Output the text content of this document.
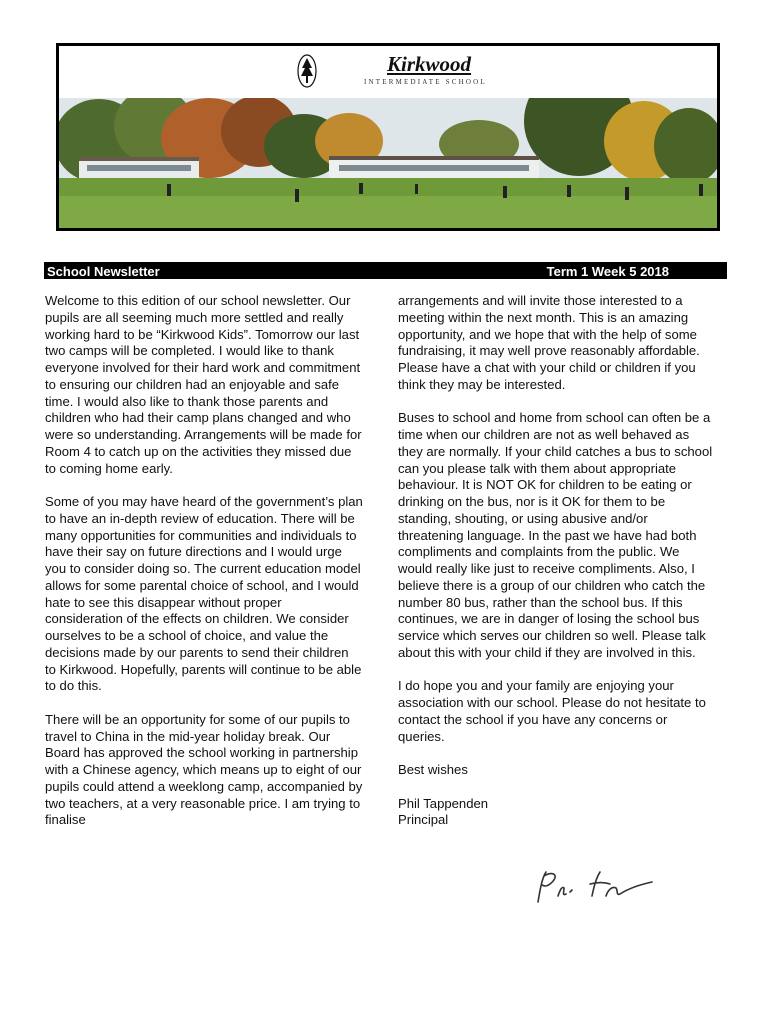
Kirkwood
INTERMEDIATE SCHOOL
School Newsletter	Term 1 Week 5 2018

Welcome to this edition of our school newsletter. Our pupils are all seeming much more settled and really working hard to be “Kirkwood Kids”. Tomorrow our last two camps will be completed. I would like to thank everyone involved for their hard work and commitment to ensuring our children had an enjoyable and safe time. I would also like to thank those parents and children who had their camp plans changed and who were so understanding. Arrangements will be made for Room 4 to catch up on the activities they missed due to coming home early.

Some of you may have heard of the government’s plan to have an in-depth review of education. There will be many opportunities for communities and individuals to have their say on future directions and I would urge you to consider doing so. The current education model allows for some parental choice of school, and I would hate to see this disappear without proper consideration of the effects on children. We consider ourselves to be a school of choice, and value the decisions made by our parents to send their children to Kirkwood. Hopefully, parents will continue to be able to do this.

There will be an opportunity for some of our pupils to travel to China in the mid-year holiday break. Our Board has approved the school working in partnership with a Chinese agency, which means up to eight of our pupils could attend a weeklong camp, accompanied by two teachers, at a very reasonable price. I am trying to finalise

arrangements and will invite those interested to a meeting within the next month. This is an amazing opportunity, and we hope that with the help of some fundraising, it may well prove reasonably affordable. Please have a chat with your child or children if you think they may be interested.

Buses to school and home from school can often be a time when our children are not as well behaved as they are normally. If your child catches a bus to school can you please talk with them about appropriate behaviour. It is NOT OK for children to be eating or drinking on the bus, nor is it OK for them to be standing, shouting, or using abusive and/or threatening language. In the past we have had both compliments and complaints from the public. We would really like just to receive compliments. Also, I believe there is a group of our children who catch the number 80 bus, rather than the school bus. If this continues, we are in danger of losing the school bus service which serves our children so well. Please talk about this with your child if they are involved in this.

I do hope you and your family are enjoying your association with our school. Please do not hesitate to contact the school if you have any concerns or queries.

Best wishes

Phil Tappenden
Principal
